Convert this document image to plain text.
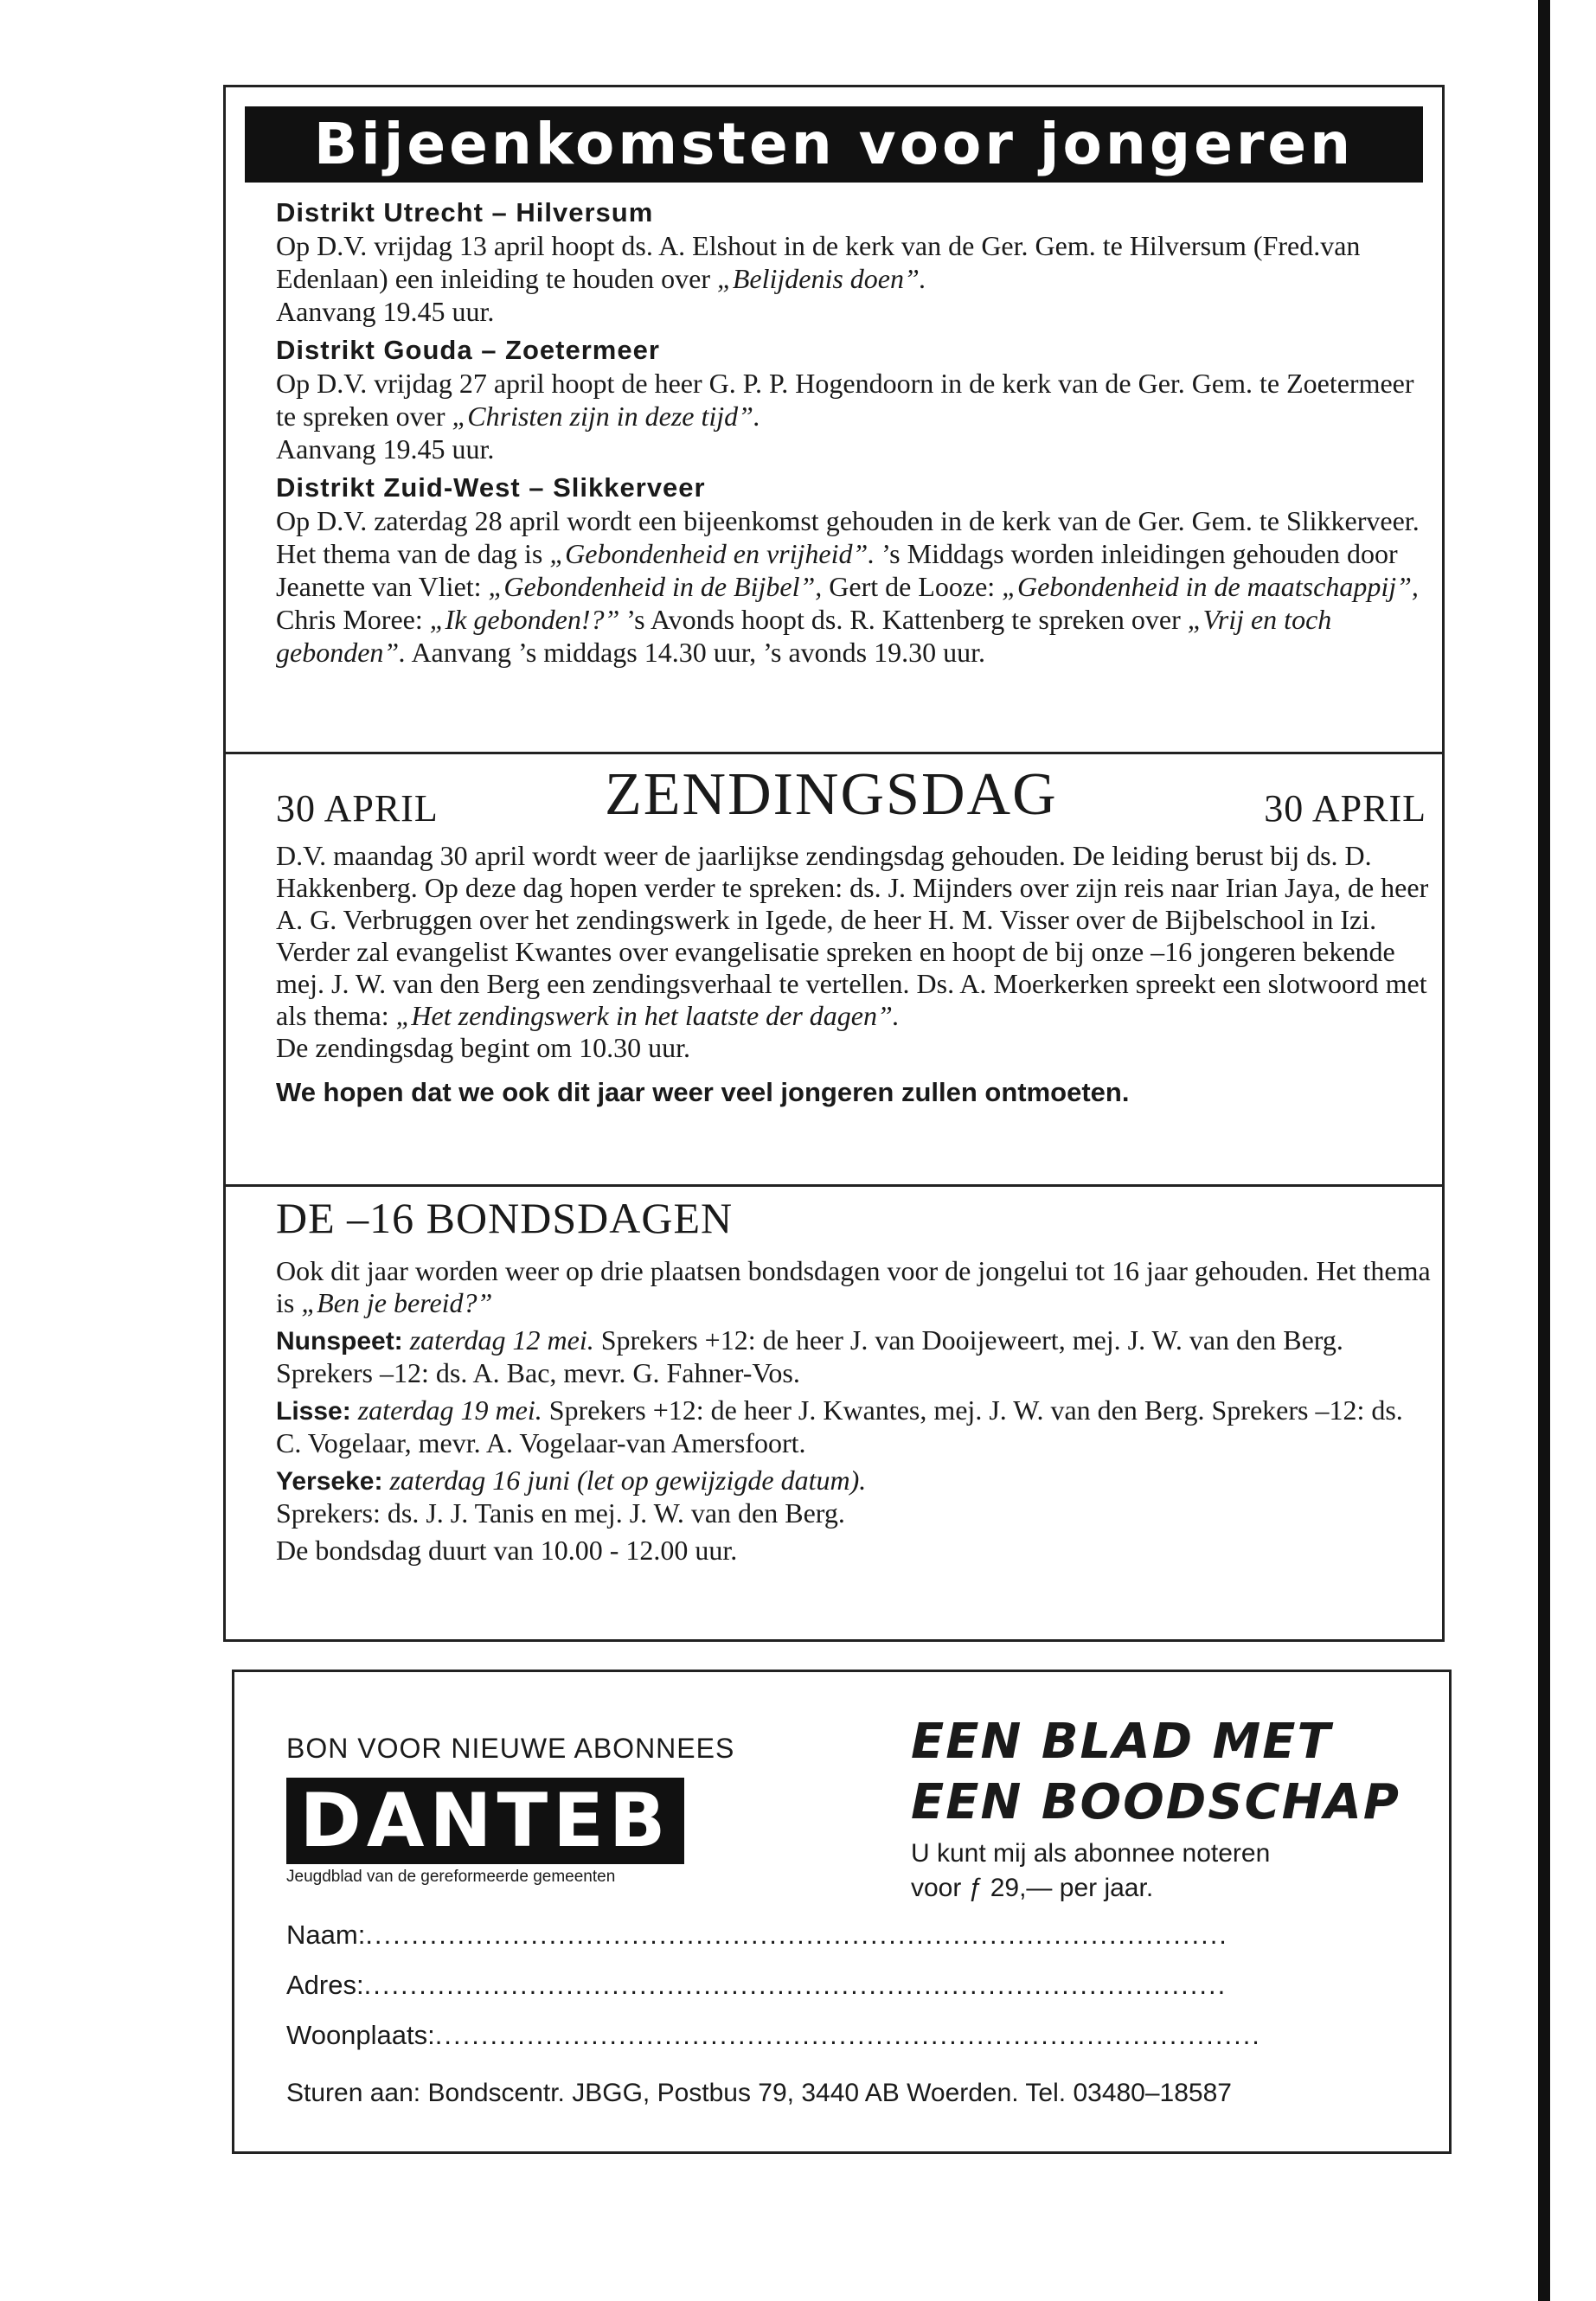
Bijeenkomsten voor jongeren
Distrikt Utrecht – Hilversum

Op D.V. vrijdag 13 april hoopt ds. A. Elshout in de kerk van de Ger. Gem. te Hilversum (Fred.van Edenlaan) een inleiding te houden over „Belijdenis doen”.
Aanvang 19.45 uur.

Distrikt Gouda – Zoetermeer

Op D.V. vrijdag 27 april hoopt de heer G. P. P. Hogendoorn in de kerk van de Ger. Gem. te Zoetermeer te spreken over „Christen zijn in deze tijd”.
Aanvang 19.45 uur.

Distrikt Zuid-West – Slikkerveer

Op D.V. zaterdag 28 april wordt een bijeenkomst gehouden in de kerk van de Ger. Gem. te Slikkerveer. Het thema van de dag is „Gebondenheid en vrijheid”. ’s Middags worden inleidingen gehouden door Jeanette van Vliet: „Gebondenheid in de Bijbel”, Gert de Looze: „Gebondenheid in de maatschappij”, Chris Moree: „Ik gebonden!?” ’s Avonds hoopt ds. R. Kattenberg te spreken over „Vrij en toch gebonden”. Aanvang ’s middags 14.30 uur, ’s avonds 19.30 uur.

30 APRIL	ZENDINGSDAG	30 APRIL

D.V. maandag 30 april wordt weer de jaarlijkse zendingsdag gehouden. De leiding berust bij ds. D. Hakkenberg. Op deze dag hopen verder te spreken: ds. J. Mijnders over zijn reis naar Irian Jaya, de heer A. G. Verbruggen over het zendingswerk in Igede, de heer H. M. Visser over de Bijbelschool in Izi. Verder zal evangelist Kwantes over evangelisatie spreken en hoopt de bij onze –16 jongeren bekende mej. J. W. van den Berg een zendingsverhaal te vertellen. Ds. A. Moerkerken spreekt een slotwoord met als thema: „Het zendingswerk in het laatste der dagen”.

De zendingsdag begint om 10.30 uur.

We hopen dat we ook dit jaar weer veel jongeren zullen ontmoeten.

DE –16 BONDSDAGEN

Ook dit jaar worden weer op drie plaatsen bondsdagen voor de jongelui tot 16 jaar gehouden. Het thema is „Ben je bereid?”

Nunspeet: zaterdag 12 mei. Sprekers +12: de heer J. van Dooijeweert, mej. J. W. van den Berg. Sprekers –12: ds. A. Bac, mevr. G. Fahner-Vos.

Lisse: zaterdag 19 mei. Sprekers +12: de heer J. Kwantes, mej. J. W. van den Berg. Sprekers –12: ds. C. Vogelaar, mevr. A. Vogelaar-van Amersfoort.

Yerseke: zaterdag 16 juni (let op gewijzigde datum).
Sprekers: ds. J. J. Tanis en mej. J. W. van den Berg.

De bondsdag duurt van 10.00 - 12.00 uur.

BON VOOR NIEUWE ABONNEES
DANTEB
Jeugdblad van de gereformeerde gemeenten
EEN BLAD MET
EEN BOODSCHAP
U kunt mij als abonnee noteren
voor ƒ 29,— per jaar.
Naam:..............................................................................................
Adres:..............................................................................................
Woonplaats:..........................................................................................
Sturen aan: Bondscentr. JBGG, Postbus 79, 3440 AB Woerden. Tel. 03480–18587
